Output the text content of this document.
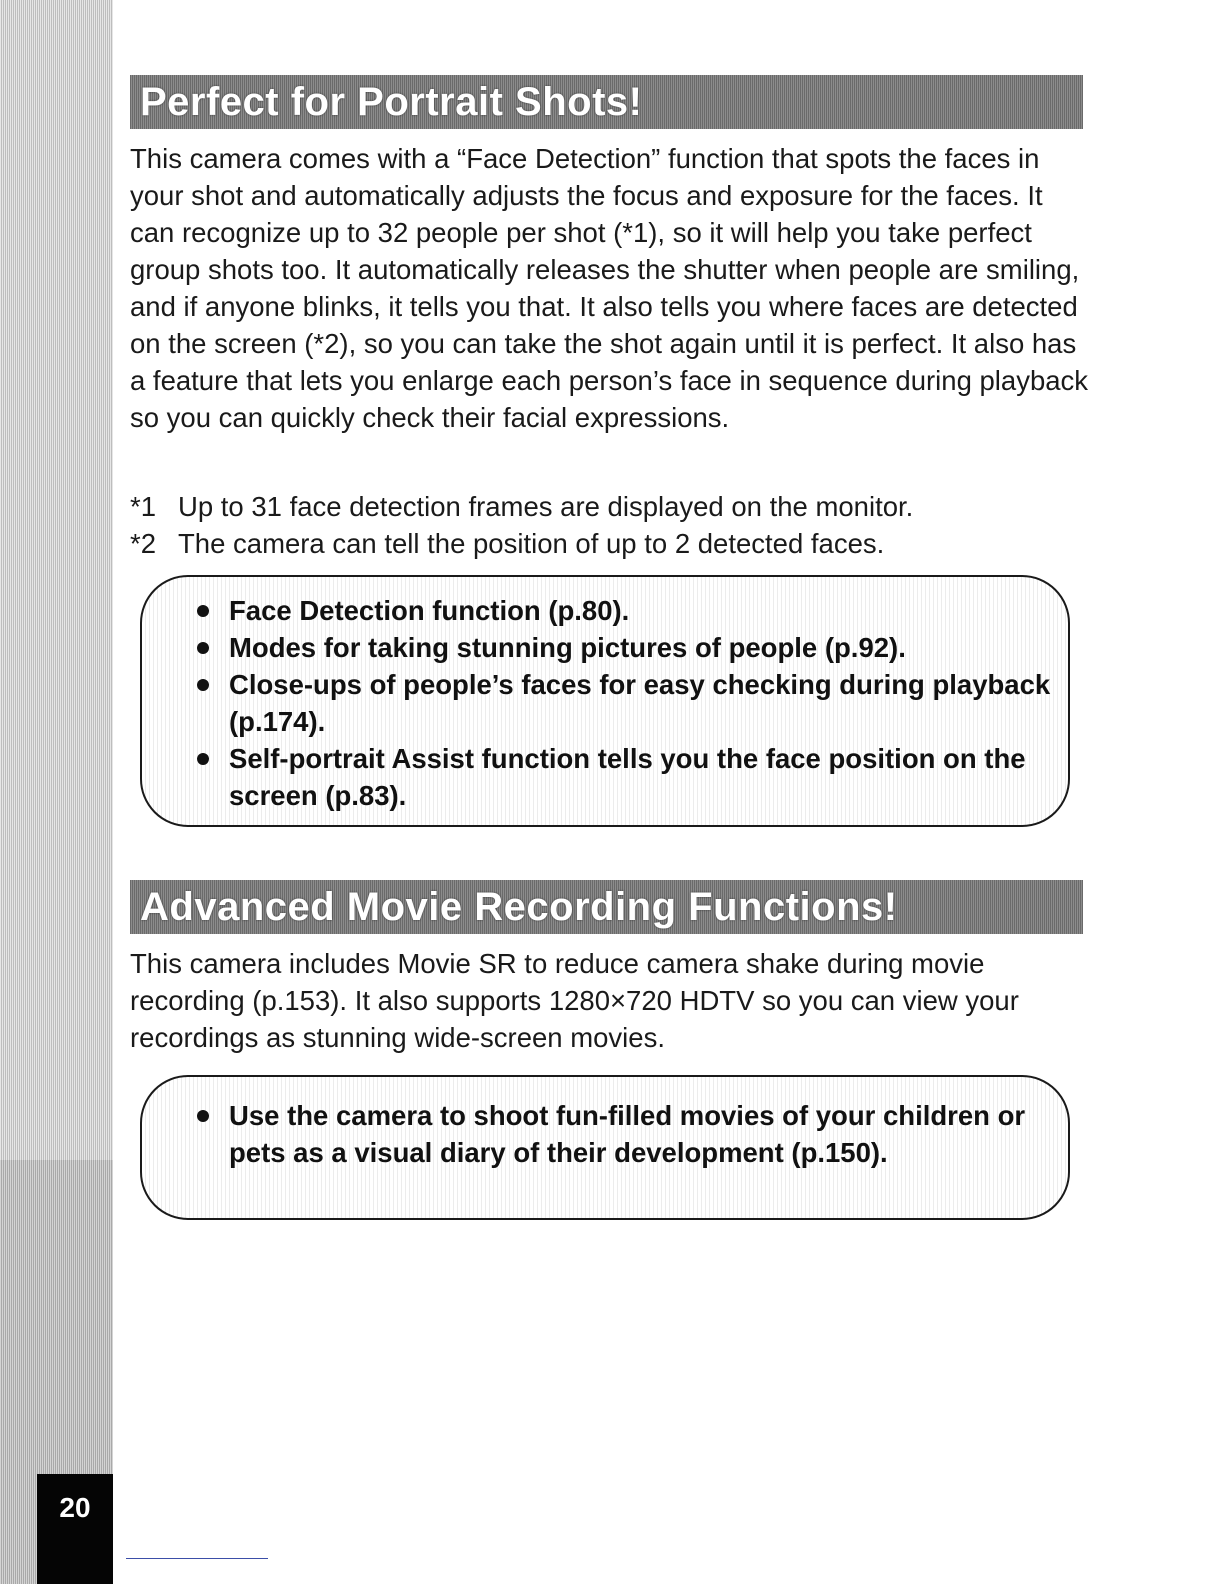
20
Perfect for Portrait Shots!

This camera comes with a “Face Detection” function that spots the faces in your shot and automatically adjusts the focus and exposure for the faces. It can recognize up to 32 people per shot (*1), so it will help you take perfect group shots too. It automatically releases the shutter when people are smiling, and if anyone blinks, it tells you that. It also tells you where faces are detected on the screen (*2), so you can take the shot again until it is perfect. It also has a feature that lets you enlarge each person’s face in sequence during playback so you can quickly check their facial expressions.

*1 Up to 31 face detection frames are displayed on the monitor.
*2 The camera can tell the position of up to 2 detected faces.
Face Detection function (p.80).
Modes for taking stunning pictures of people (p.92).
Close-ups of people’s faces for easy checking during playback (p.174).
Self-portrait Assist function tells you the face position on the screen (p.83).
Advanced Movie Recording Functions!

This camera includes Movie SR to reduce camera shake during movie recording (p.153). It also supports 1280×720 HDTV so you can view your recordings as stunning wide-screen movies.

Use the camera to shoot fun-filled movies of your children or pets as a visual diary of their development (p.150).
